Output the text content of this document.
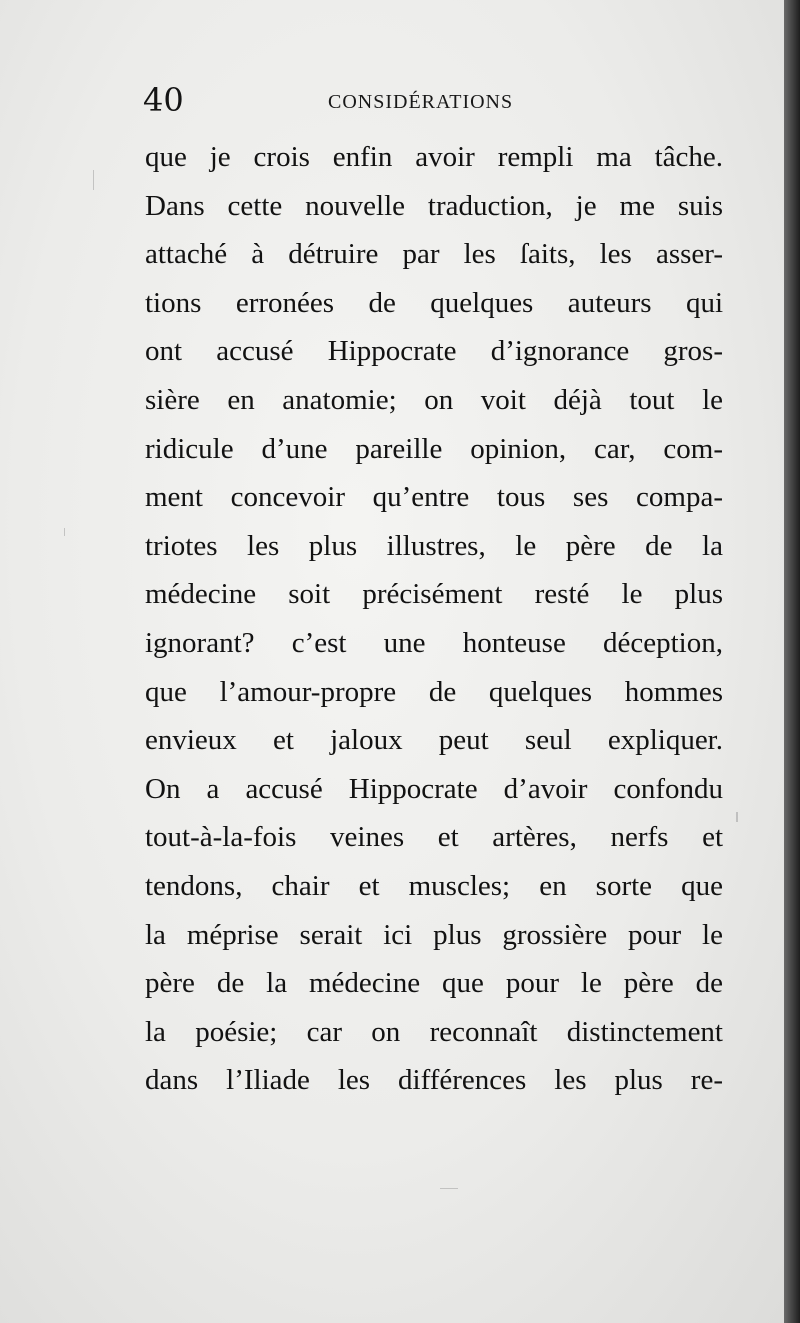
40	CONSIDÉRATIONS
que je crois enfin avoir rempli ma tâche.
Dans cette nouvelle traduction, je me suis
attaché à détruire par les ſaits, les asser-
tions erronées de quelques auteurs qui
ont accusé Hippocrate d’ignorance gros-
sière en anatomie; on voit déjà tout le
ridicule d’une pareille opinion, car, com-
ment concevoir qu’entre tous ses compa-
triotes les plus illustres, le père de la
médecine soit précisément resté le plus
ignorant? c’est une honteuse déception,
que l’amour-propre de quelques hommes
envieux et jaloux peut seul expliquer.
On a accusé Hippocrate d’avoir confondu
tout-à-la-fois veines et artères, nerfs et
tendons, chair et muscles; en sorte que
la méprise serait ici plus grossière pour le
père de la médecine que pour le père de
la poésie; car on reconnaît distinctement
dans l’Iliade les différences les plus re-
